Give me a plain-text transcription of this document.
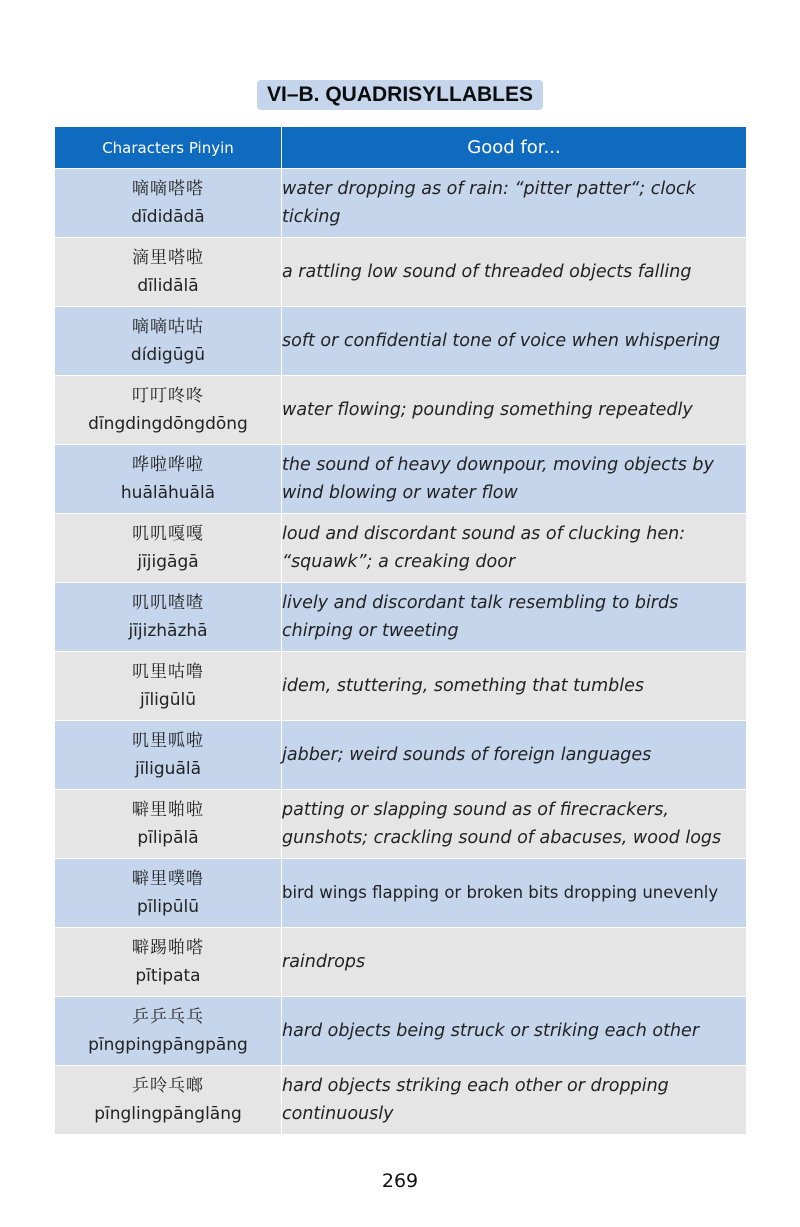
VI–B. QUADRISYLLABLES
Characters Pinyin	Good for...

嘀嘀嗒嗒
dīdidādā	water dropping as of rain: “pitter patter“; clock ticking

滴里嗒啦
dīlidālā	a rattling low sound of threaded objects falling

嘀嘀咕咕
dídigūgū	soft or confidential tone of voice when whispering

叮叮咚咚
dīngdingdōngdōng	water flowing; pounding something repeatedly

哗啦哗啦
huālāhuālā	the sound of heavy downpour, moving objects by wind blowing or water flow

叽叽嘎嘎
jījigāgā	loud and discordant sound as of clucking hen: “squawk”; a creaking door

叽叽喳喳
jījizhāzhā	lively and discordant talk resembling to birds chirping or tweeting

叽里咕噜
jīligūlū	idem, stuttering, something that tumbles

叽里呱啦
jīliguālā	jabber; weird sounds of foreign languages

噼里啪啦
pīlipālā	patting or slapping sound as of firecrackers, gunshots; crackling sound of abacuses, wood logs

噼里噗噜
pīlipūlū	bird wings flapping or broken bits dropping unevenly

噼踢啪嗒
pītipata	raindrops

乒乒乓乓
pīngpingpāngpāng	hard objects being struck or striking each other

乒呤乓啷
pīnglingpānglāng	hard objects striking each other or dropping continuously
269
